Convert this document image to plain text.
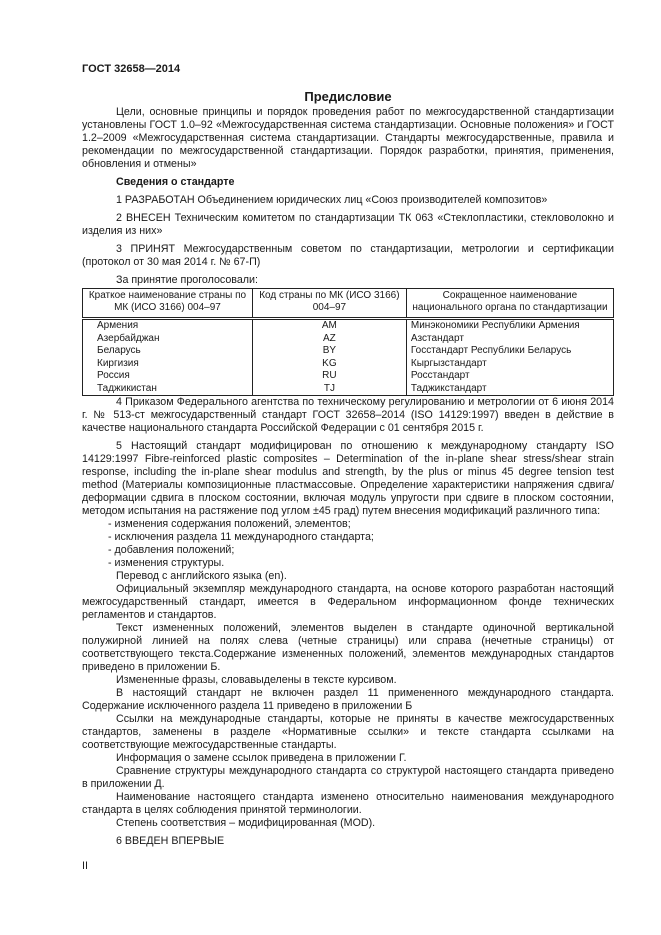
ГОСТ 32658—2014
Предисловие

Цели, основные принципы и порядок проведения работ по межгосударственной стандартизации установлены ГОСТ 1.0–92 «Межгосударственная система стандартизации. Основные положения» и ГОСТ 1.2–2009 «Межгосударственная система стандартизации. Стандарты межгосударственные, правила и рекомендации по межгосударственной стандартизации. Порядок разработки, принятия, применения, обновления и отмены»

Сведения о стандарте

1 РАЗРАБОТАН Объединением юридических лиц «Союз производителей композитов»

2 ВНЕСЕН Техническим комитетом по стандартизации ТК 063 «Стеклопластики, стекловолокно и изделия из них»

3 ПРИНЯТ Межгосударственным советом по стандартизации, метрологии и сертификации (протокол от 30 мая 2014 г. № 67-П)

За принятие проголосовали:

Краткое наименование страны по МК (ИСО 3166) 004–97	Код страны по МК (ИСО 3166) 004–97	Сокращенное наименование национального органа по стандартизации
Армения	AM	Минэкономики Республики Армения
Азербайджан	AZ	Азстандарт
Беларусь	BY	Госстандарт Республики Беларусь
Киргизия	KG	Кыргызстандарт
Россия	RU	Росстандарт
Таджикистан	TJ	Таджикстандарт

4 Приказом Федерального агентства по техническому регулированию и метрологии от 6 июня 2014 г. № 513-ст межгосударственный стандарт ГОСТ 32658–2014 (ISO 14129:1997) введен в действие в качестве национального стандарта Российской Федерации с 01 сентября 2015 г.

5 Настоящий стандарт модифицирован по отношению к международному стандарту ISO 14129:1997 Fibre-reinforced plastic composites – Determination of the in-plane shear stress/shear strain response, including the in-plane shear modulus and strength, by the plus or minus 45 degree tension test method (Материалы композиционные пластмассовые. Определение характеристики напряжения сдвига/деформации сдвига в плоском состоянии, включая модуль упругости при сдвиге в плоском состоянии, методом испытания на растяжение под углом ±45 град) путем внесения модификаций различного типа:

- изменения содержания положений, элементов;

- исключения раздела 11 международного стандарта;

- добавления положений;

- изменения структуры.

Перевод с английского языка (en).

Официальный экземпляр международного стандарта, на основе которого разработан настоящий межгосударственный стандарт, имеется в Федеральном информационном фонде технических регламентов и стандартов.

Текст измененных положений, элементов выделен в стандарте одиночной вертикальной полужирной линией на полях слева (четные страницы) или справа (нечетные страницы) от соответствующего текста.Содержание измененных положений, элементов международных стандартов приведено в приложении Б.

Измененные фразы, словавыделены в тексте курсивом.

В настоящий стандарт не включен раздел 11 примененного международного стандарта. Содержание исключенного раздела 11 приведено в приложении Б

Ссылки на международные стандарты, которые не приняты в качестве межгосударственных стандартов, заменены в разделе «Нормативные ссылки» и тексте стандарта ссылками на соответствующие межгосударственные стандарты.

Информация о замене ссылок приведена в приложении Г.

Сравнение структуры международного стандарта со структурой настоящего стандарта приведено в приложении Д.

Наименование настоящего стандарта изменено относительно наименования международного стандарта в целях соблюдения принятой терминологии.

Степень соответствия – модифицированная (MOD).

6 ВВЕДЕН ВПЕРВЫЕ

II
